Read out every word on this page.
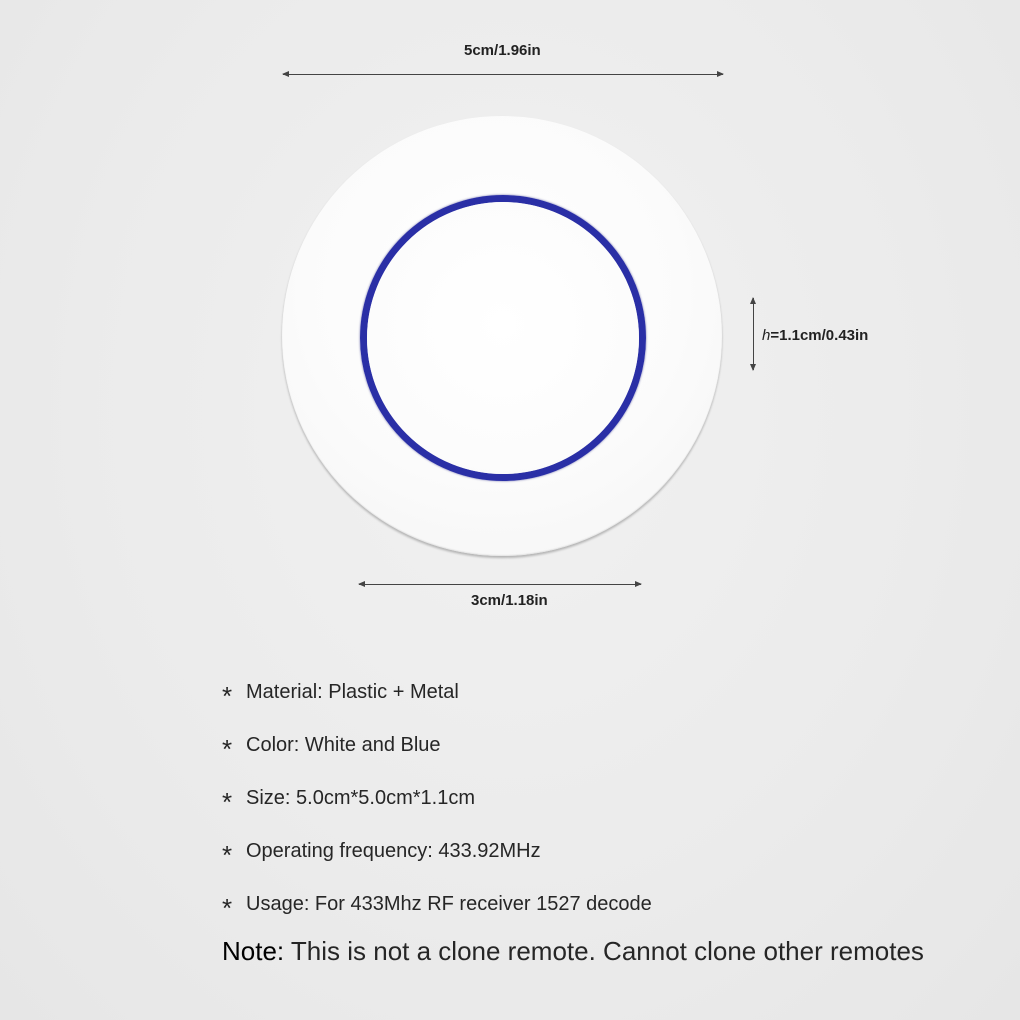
5cm/1.96in
h=1.1cm/0.43in
3cm/1.18in
* Material: Plastic + Metal
* Color: White and Blue
* Size: 5.0cm*5.0cm*1.1cm
* Operating frequency: 433.92MHz
* Usage: For 433Mhz RF receiver 1527 decode
Note: This is not a clone remote. Cannot clone other remotes
